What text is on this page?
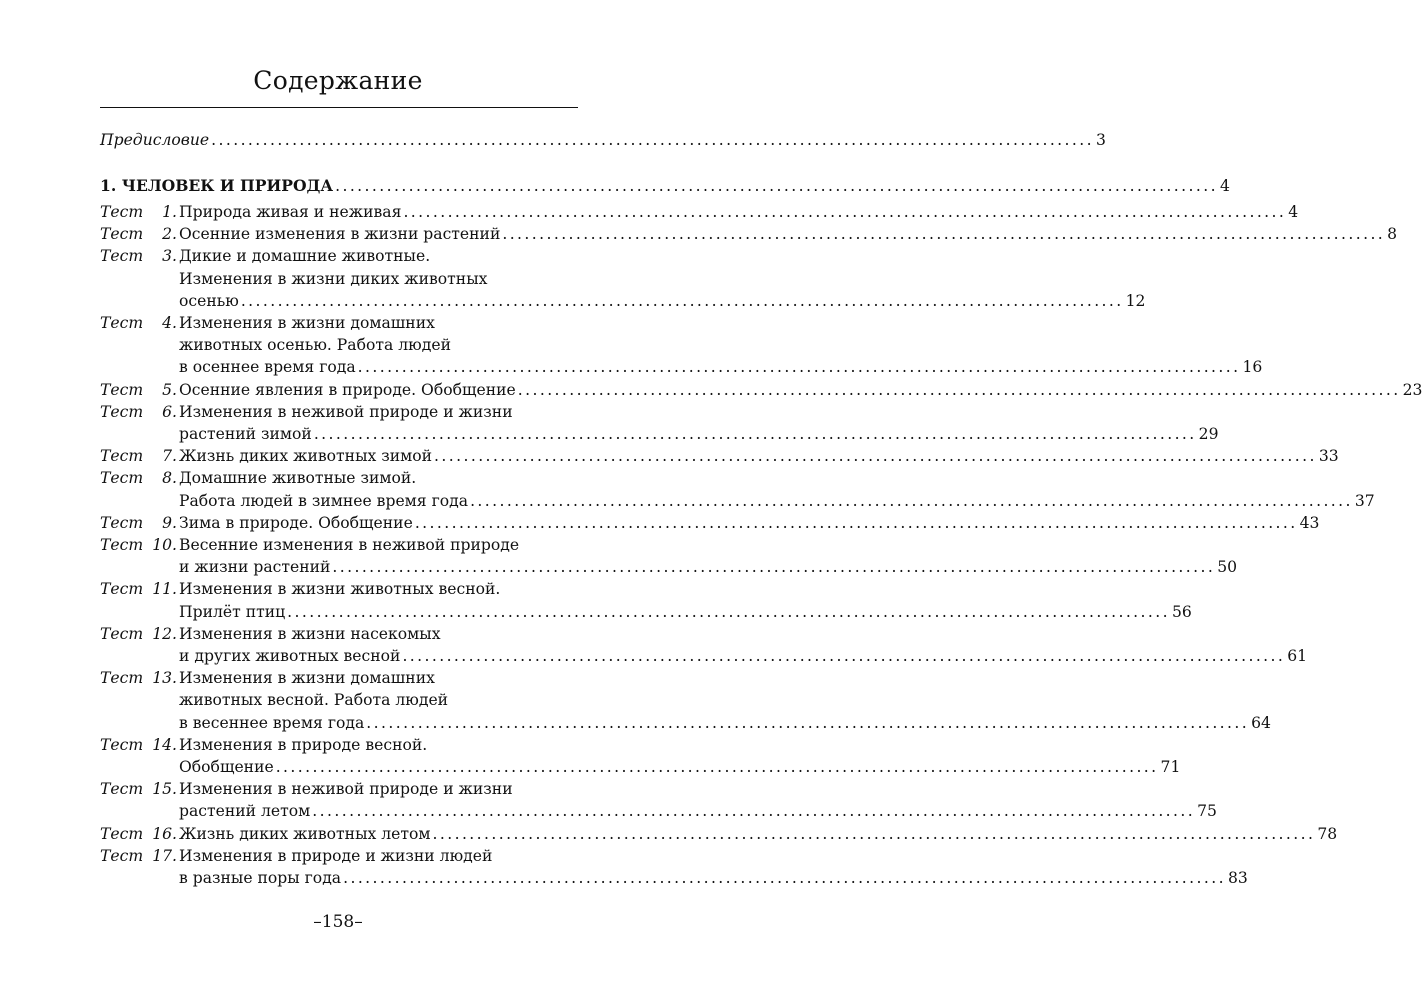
Содержание
Предисловие ........................................................................................................................ 3
1. ЧЕЛОВЕК И ПРИРОДА ........................................................................................................................ 4
Тест	1. Природа живая и неживая ........................................................................................................................ 4
Тест	2. Осенние изменения в жизни растений ........................................................................................................................ 8
Тест	3. Дикие и домашние животные.
Изменения в жизни диких животных
осенью ........................................................................................................................ 12
Тест	4. Изменения в жизни домашних
животных осенью. Работа людей
в осеннее время года ........................................................................................................................ 16
Тест	5. Осенние явления в природе. Обобщение ........................................................................................................................ 23
Тест	6. Изменения в неживой природе и жизни
растений зимой ........................................................................................................................ 29
Тест	7. Жизнь диких животных зимой ........................................................................................................................ 33
Тест	8. Домашние животные зимой.
Работа людей в зимнее время года ........................................................................................................................ 37
Тест	9. Зима в природе. Обобщение ........................................................................................................................ 43
Тест 10. Весенние изменения в неживой природе
и жизни растений ........................................................................................................................ 50
Тест 11. Изменения в жизни животных весной.
Прилёт птиц ........................................................................................................................ 56
Тест 12. Изменения в жизни насекомых
и других животных весной ........................................................................................................................ 61
Тест 13. Изменения в жизни домашних
животных весной. Работа людей
в весеннее время года ........................................................................................................................ 64
Тест 14. Изменения в природе весной.
Обобщение ........................................................................................................................ 71
Тест 15. Изменения в неживой природе и жизни
растений летом ........................................................................................................................ 75
Тест 16. Жизнь диких животных летом ........................................................................................................................ 78
Тест 17. Изменения в природе и жизни людей
в разные поры года ........................................................................................................................ 83
–158–
